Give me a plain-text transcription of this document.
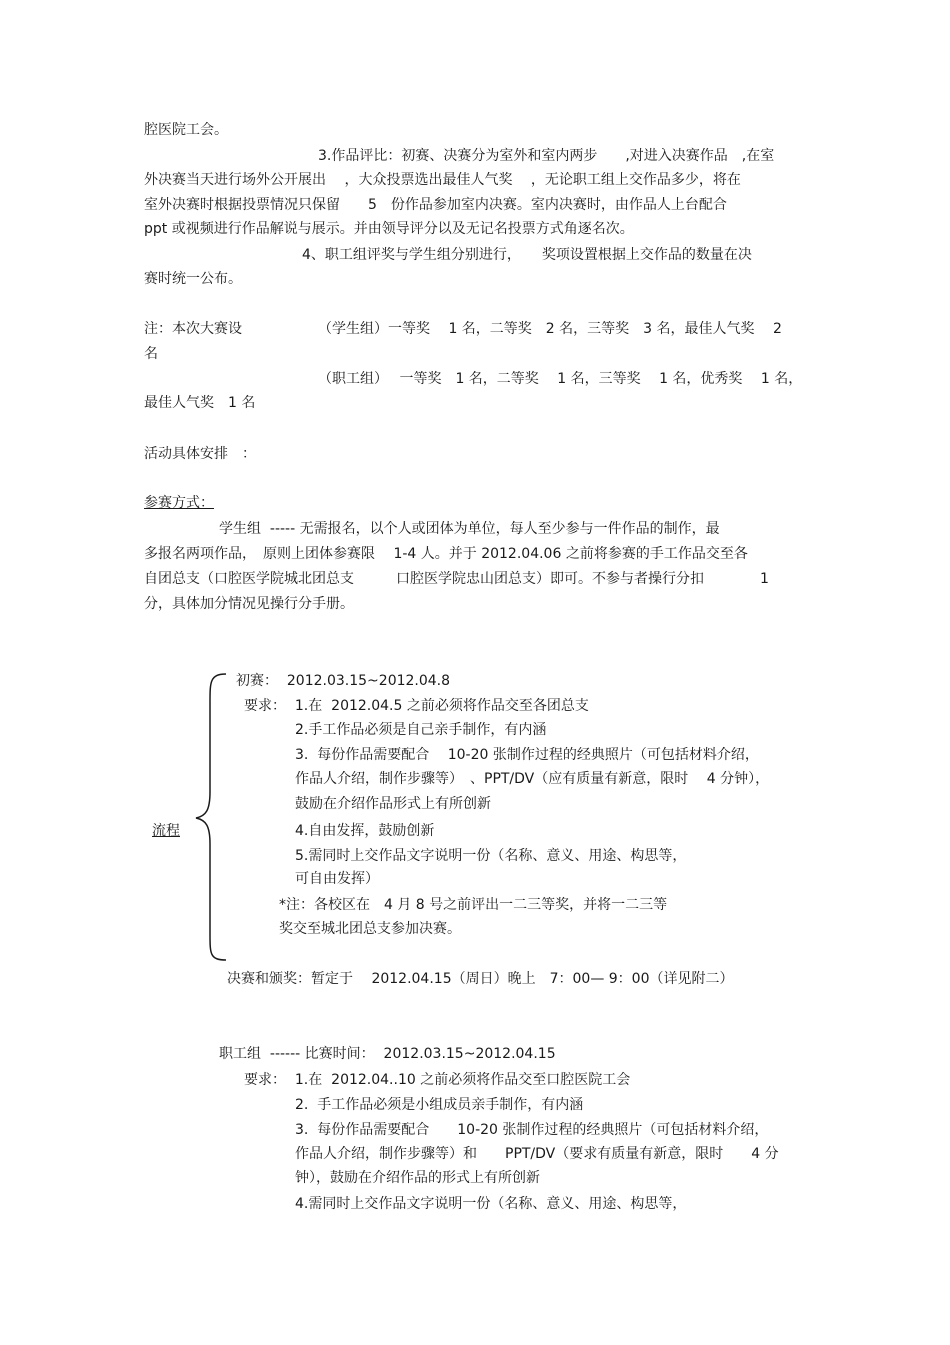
腔医院工会。
3.作品评比：初赛、决赛分为室外和室内两步　　,对进入决赛作品　,在室
外决赛当天进行场外公开展出　 ，大众投票选出最佳人气奖　 ，无论职工组上交作品多少，将在
室外决赛时根据投票情况只保留　　5　份作品参加室内决赛。室内决赛时，由作品人上台配合
ppt 或视频进行作品解说与展示。并由领导评分以及无记名投票方式角逐名次。
4、职工组评奖与学生组分别进行，　　奖项设置根据上交作品的数量在决
赛时统一公布。
注：本次大赛设	（学生组）一等奖　 1 名，二等奖　2 名，三等奖　3 名，最佳人气奖　 2
名
（职工组）　 一等奖　1 名，二等奖　 1 名，三等奖　 1 名，优秀奖　 1 名，
最佳人气奖　1 名
活动具体安排　：
参赛方式：
学生组  ----- 无需报名，以个人或团体为单位，每人至少参与一件作品的制作，最
多报名两项作品，　原则上团体参赛限　 1-4 人。并于 2012.04.06 之前将参赛的手工作品交至各
自团总支（口腔医学院城北团总支　　　口腔医学院忠山团总支）即可。不参与者操行分扣　　　　1
分，具体加分情况见操行分手册。
初赛：  2012.03.15~2012.04.8
要求：  1.在  2012.04.5 之前必须将作品交至各团总支
2.手工作品必须是自己亲手制作，有内涵
3.  每份作品需要配合　 10-20 张制作过程的经典照片（可包括材料介绍，
作品人介绍，制作步骤等）　、PPT/DV（应有质量有新意，限时　 4 分钟），
鼓励在介绍作品形式上有所创新
流程	4.自由发挥，鼓励创新
5.需同时上交作品文字说明一份（名称、意义、用途、构思等，
可自由发挥）
*注：各校区在　4 月 8 号之前评出一二三等奖，并将一二三等
奖交至城北团总支参加决赛。
决赛和颁奖：暂定于　 2012.04.15（周日）晚上　7：00— 9：00（详见附二）
职工组  ------ 比赛时间：  2012.03.15~2012.04.15
要求：  1.在  2012.04..10 之前必须将作品交至口腔医院工会
2.  手工作品必须是小组成员亲手制作，有内涵
3.  每份作品需要配合　　10-20 张制作过程的经典照片（可包括材料介绍，
作品人介绍，制作步骤等）和　　PPT/DV（要求有质量有新意，限时　　4 分
钟），鼓励在介绍作品的形式上有所创新
4.需同时上交作品文字说明一份（名称、意义、用途、构思等，
